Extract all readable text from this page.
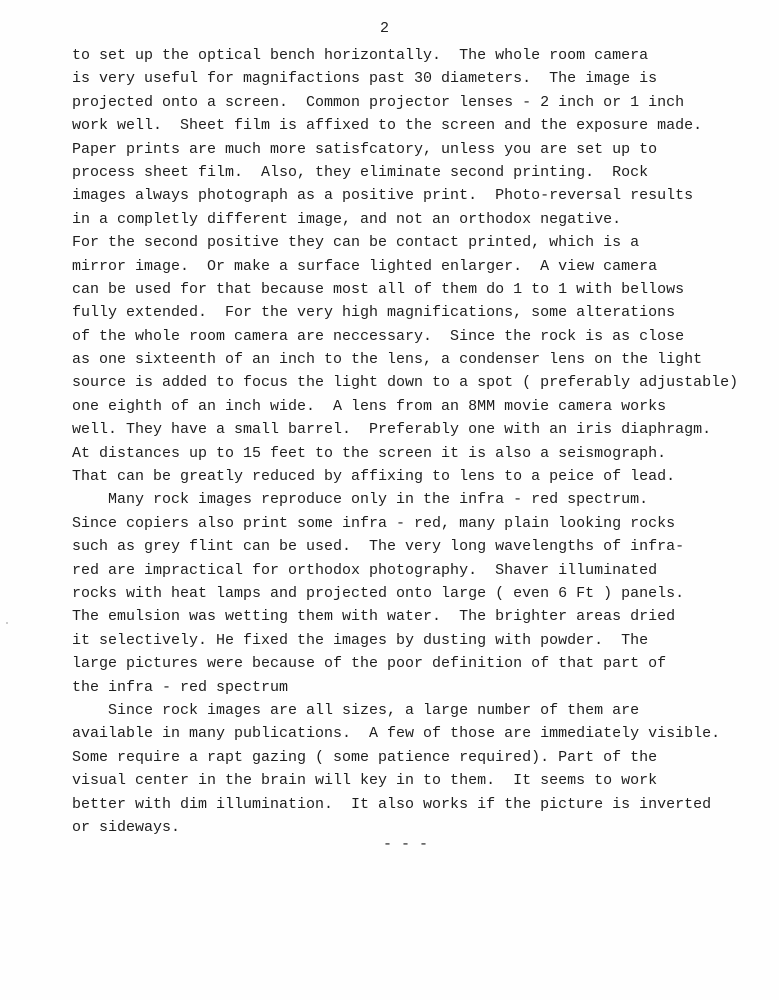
2
to set up the optical bench horizontally.  The whole room camera
is very useful for magnifactions past 30 diameters.  The image is
projected onto a screen.  Common projector lenses - 2 inch or 1 inch
work well.  Sheet film is affixed to the screen and the exposure made.
Paper prints are much more satisfcatory, unless you are set up to
process sheet film.  Also, they eliminate second printing.  Rock
images always photograph as a positive print.  Photo-reversal results
in a completly different image, and not an orthodox negative.
For the second positive they can be contact printed, which is a
mirror image.  Or make a surface lighted enlarger.  A view camera
can be used for that because most all of them do 1 to 1 with bellows
fully extended.  For the very high magnifications, some alterations
of the whole room camera are neccessary.  Since the rock is as close
as one sixteenth of an inch to the lens, a condenser lens on the light
source is added to focus the light down to a spot ( preferably adjustable)
one eighth of an inch wide.  A lens from an 8MM movie camera works
well. They have a small barrel.  Preferably one with an iris diaphragm.
At distances up to 15 feet to the screen it is also a seismograph.
That can be greatly reduced by affixing to lens to a peice of lead.
Many rock images reproduce only in the infra - red spectrum.
Since copiers also print some infra - red, many plain looking rocks
such as grey flint can be used.  The very long wavelengths of infra-
red are impractical for orthodox photography.  Shaver illuminated
rocks with heat lamps and projected onto large ( even 6 Ft ) panels.
The emulsion was wetting them with water.  The brighter areas dried
it selectively. He fixed the images by dusting with powder.  The
large pictures were because of the poor definition of that part of
the infra - red spectrum
Since rock images are all sizes, a large number of them are
available in many publications.  A few of those are immediately visible.
Some require a rapt gazing ( some patience required). Part of the
visual center in the brain will key in to them.  It seems to work
better with dim illumination.  It also works if the picture is inverted
or sideways.
- - -
